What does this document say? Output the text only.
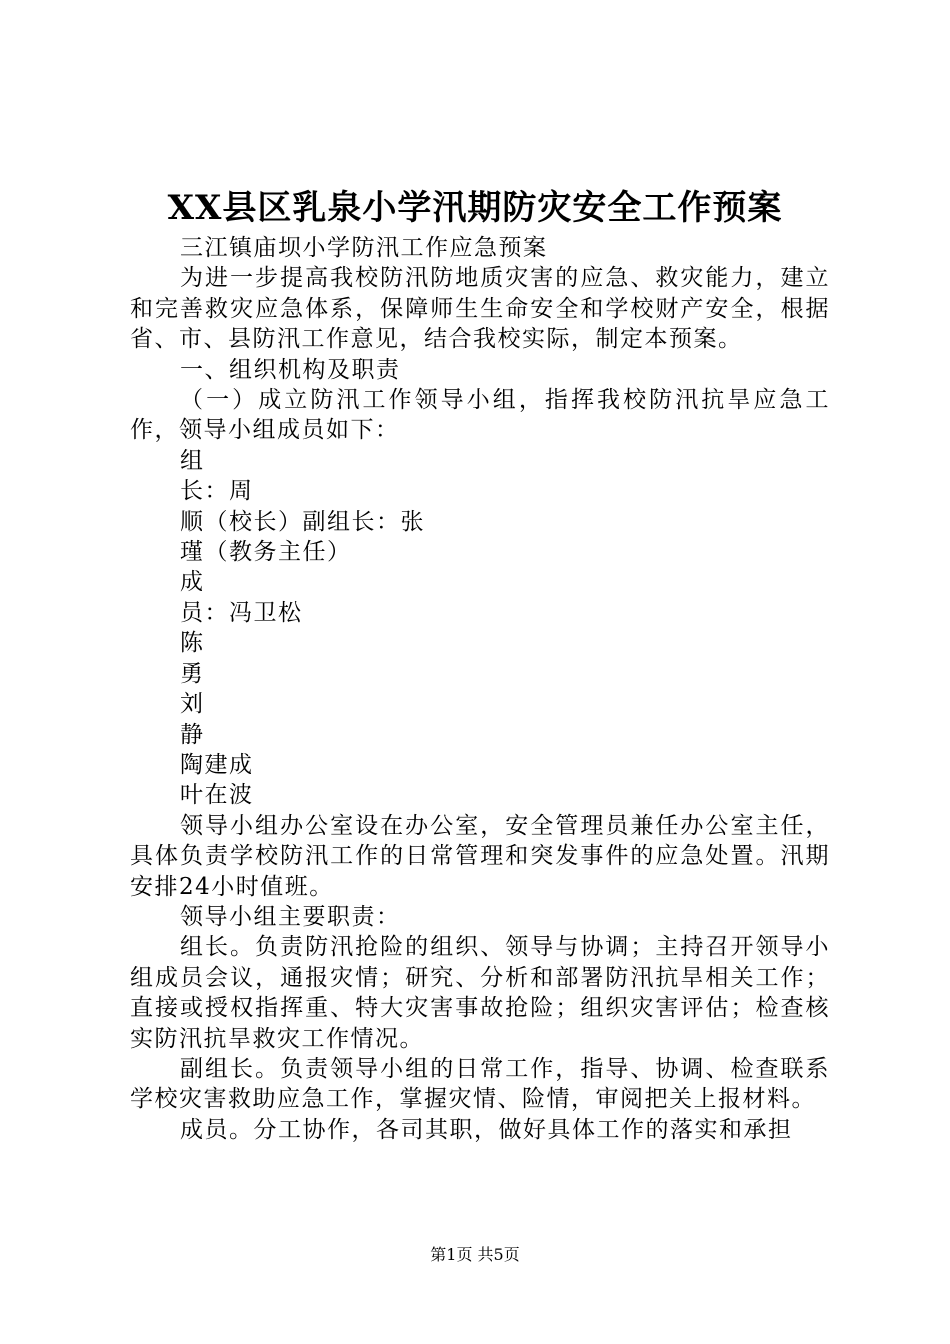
XX县区乳泉小学汛期防灾安全工作预案

三江镇庙坝小学防汛工作应急预案

为进一步提高我校防汛防地质灾害的应急、救灾能力，建立和完善救灾应急体系，保障师生生命安全和学校财产安全，根据省、市、县防汛工作意见，结合我校实际，制定本预案。

一、组织机构及职责

（一）成立防汛工作领导小组，指挥我校防汛抗旱应急工作，领导小组成员如下：

组

长：周

顺（校长）副组长：张

瑾（教务主任）

成

员：冯卫松

陈

勇

刘

静

陶建成

叶在波

领导小组办公室设在办公室，安全管理员兼任办公室主任，具体负责学校防汛工作的日常管理和突发事件的应急处置。汛期安排24小时值班。

领导小组主要职责：

组长。负责防汛抢险的组织、领导与协调；主持召开领导小组成员会议，通报灾情；研究、分析和部署防汛抗旱相关工作；直接或授权指挥重、特大灾害事故抢险；组织灾害评估；检查核实防汛抗旱救灾工作情况。

副组长。负责领导小组的日常工作，指导、协调、检查联系学校灾害救助应急工作，掌握灾情、险情，审阅把关上报材料。

成员。分工协作，各司其职，做好具体工作的落实和承担

第1页 共5页
